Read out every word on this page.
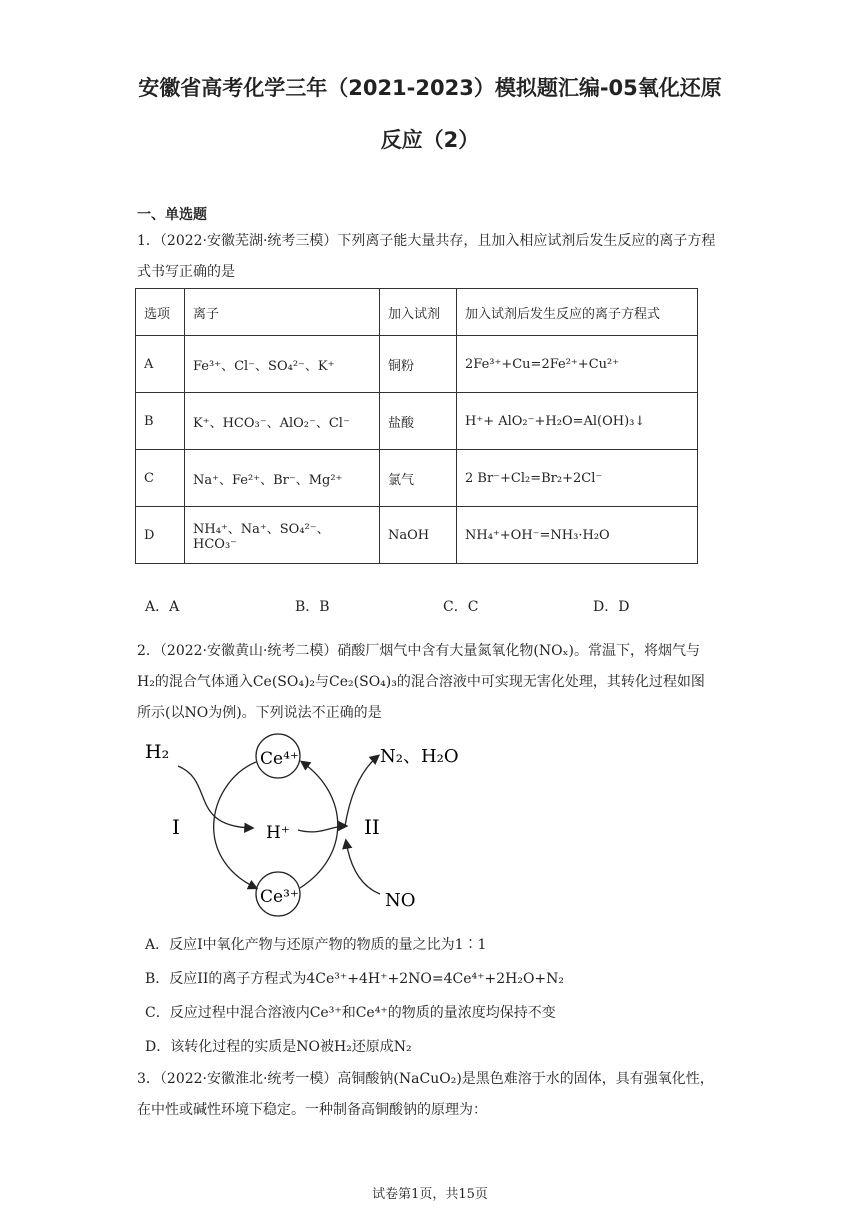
安徽省高考化学三年（2021-2023）模拟题汇编-05氧化还原
反应（2）
一、单选题
1．（2022·安徽芜湖·统考三模）下列离子能大量共存，且加入相应试剂后发生反应的离子方程式书写正确的是
选项	离子	加入试剂	加入试剂后发生反应的离子方程式
A	Fe³⁺、Cl⁻、SO₄²⁻、K⁺	铜粉	2Fe³⁺+Cu=2Fe²⁺+Cu²⁺
B	K⁺、HCO₃⁻、AlO₂⁻、Cl⁻	盐酸	H⁺+ AlO₂⁻+H₂O=Al(OH)₃↓
C	Na⁺、Fe²⁺、Br⁻、Mg²⁺	氯气	2 Br⁻+Cl₂=Br₂+2Cl⁻
D	NH₄⁺、Na⁺、SO₄²⁻、HCO₃⁻	NaOH	NH₄⁺+OH⁻=NH₃·H₂O
A．A	B．B	C．C	D．D
2．（2022·安徽黄山·统考二模）硝酸厂烟气中含有大量氮氧化物(NOₓ)。常温下，将烟气与H₂的混合气体通入Ce(SO₄)₂与Ce₂(SO₄)₃的混合溶液中可实现无害化处理，其转化过程如图所示(以NO为例)。下列说法不正确的是
H₂	Ce⁴⁺
Ce³⁺
H⁺
N₂、H₂O
NO
I	II
A．反应I中氧化产物与还原产物的物质的量之比为1∶1
B．反应II的离子方程式为4Ce³⁺+4H⁺+2NO=4Ce⁴⁺+2H₂O+N₂
C．反应过程中混合溶液内Ce³⁺和Ce⁴⁺的物质的量浓度均保持不变
D．该转化过程的实质是NO被H₂还原成N₂
3．（2022·安徽淮北·统考一模）高铜酸钠(NaCuO₂)是黑色难溶于水的固体，具有强氧化性，在中性或碱性环境下稳定。一种制备高铜酸钠的原理为：
试卷第1页，共15页
